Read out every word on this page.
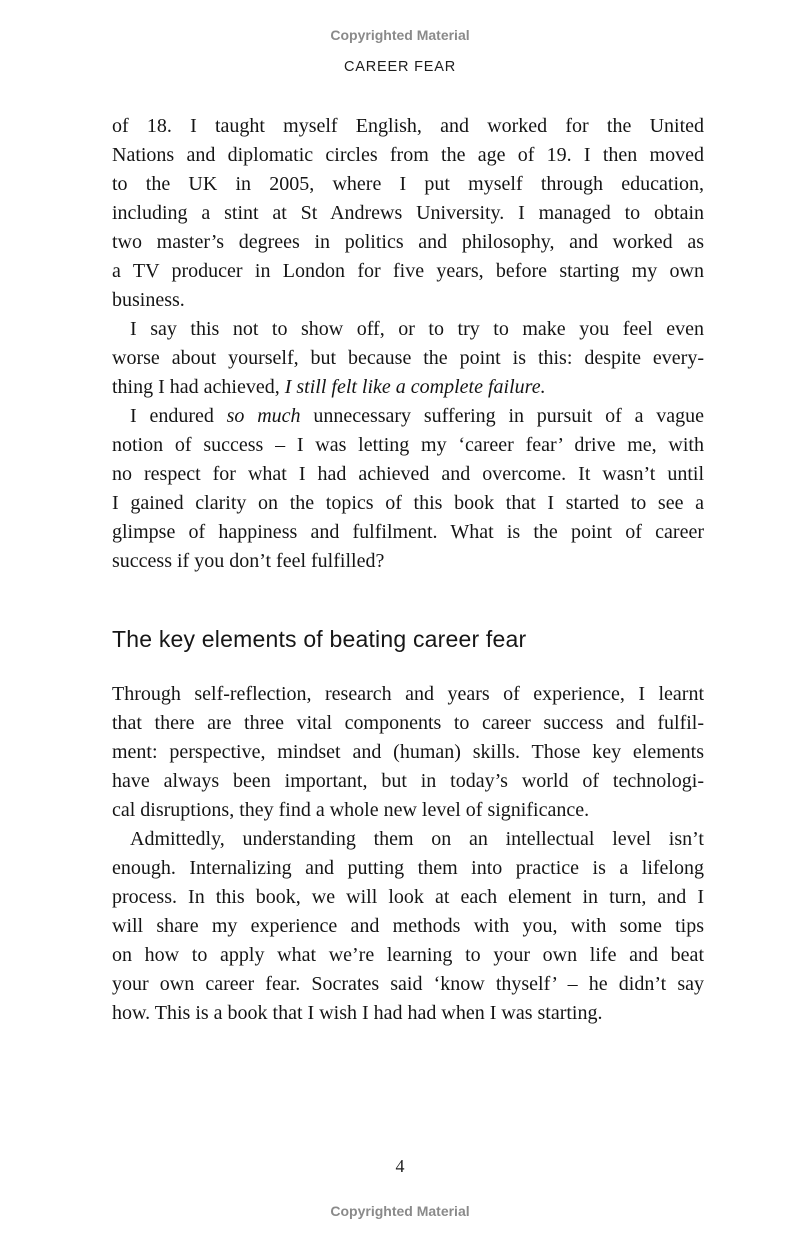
Copyrighted Material
CAREER FEAR
of 18. I taught myself English, and worked for the United
Nations and diplomatic circles from the age of 19. I then moved
to the UK in 2005, where I put myself through education,
including a stint at St Andrews University. I managed to obtain
two master’s degrees in politics and philosophy, and worked as
a TV producer in London for five years, before starting my own
business.
I say this not to show off, or to try to make you feel even
worse about yourself, but because the point is this: despite every-
thing I had achieved, I still felt like a complete failure.
I endured so much unnecessary suffering in pursuit of a vague
notion of success – I was letting my ‘career fear’ drive me, with
no respect for what I had achieved and overcome. It wasn’t until
I gained clarity on the topics of this book that I started to see a
glimpse of happiness and fulfilment. What is the point of career
success if you don’t feel fulfilled?
The key elements of beating career fear
Through self-reflection, research and years of experience, I learnt
that there are three vital components to career success and fulfil-
ment: perspective, mindset and (human) skills. Those key elements
have always been important, but in today’s world of technologi-
cal disruptions, they find a whole new level of significance.
Admittedly, understanding them on an intellectual level isn’t
enough. Internalizing and putting them into practice is a lifelong
process. In this book, we will look at each element in turn, and I
will share my experience and methods with you, with some tips
on how to apply what we’re learning to your own life and beat
your own career fear. Socrates said ‘know thyself’ – he didn’t say
how. This is a book that I wish I had had when I was starting.
4
Copyrighted Material
